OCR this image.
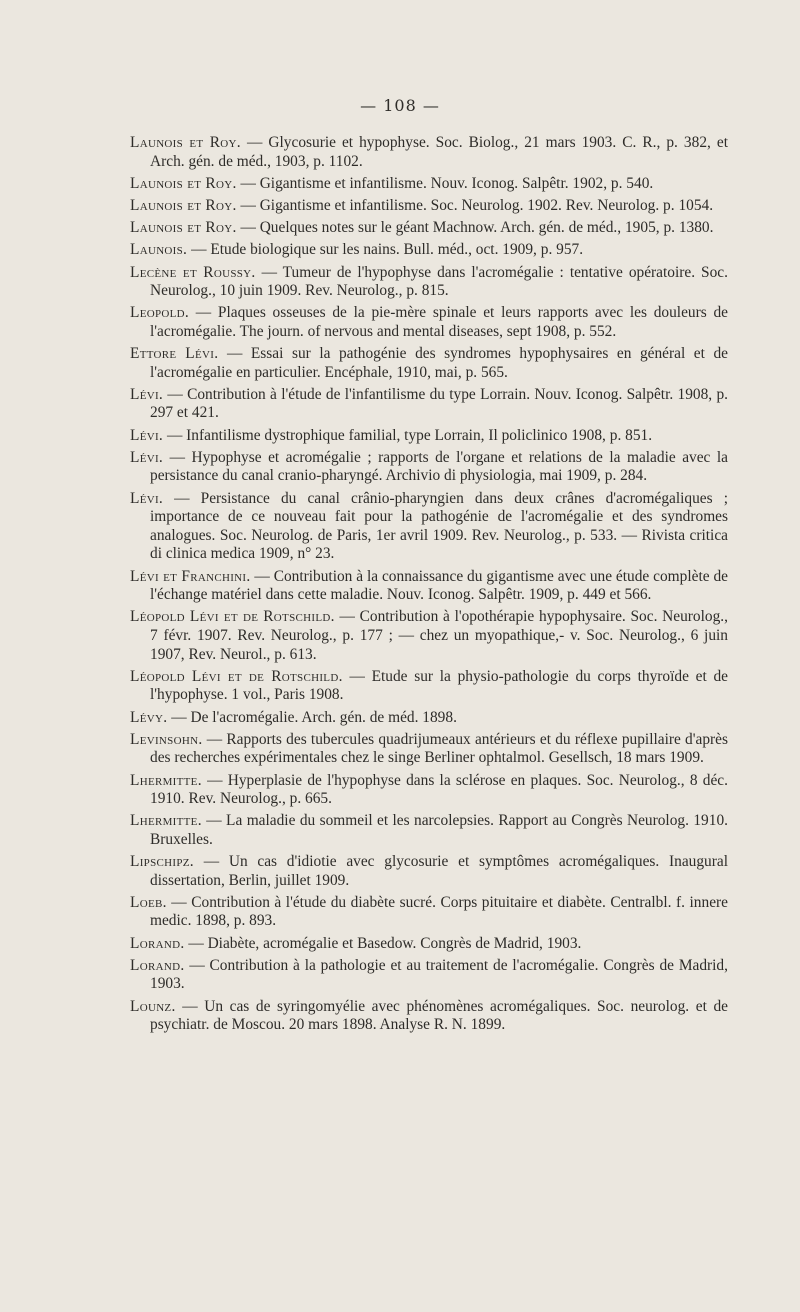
— 108 —

Launois et Roy. — Glycosurie et hypophyse. Soc. Biolog., 21 mars 1903. C. R., p. 382, et Arch. gén. de méd., 1903, p. 1102.

Launois et Roy. — Gigantisme et infantilisme. Nouv. Iconog. Salpêtr. 1902, p. 540.

Launois et Roy. — Gigantisme et infantilisme. Soc. Neurolog. 1902. Rev. Neurolog. p. 1054.

Launois et Roy. — Quelques notes sur le géant Machnow. Arch. gén. de méd., 1905, p. 1380.

Launois. — Etude biologique sur les nains. Bull. méd., oct. 1909, p. 957.

Lecène et Roussy. — Tumeur de l'hypophyse dans l'acromégalie : tentative opératoire. Soc. Neurolog., 10 juin 1909. Rev. Neurolog., p. 815.

Leopold. — Plaques osseuses de la pie-mère spinale et leurs rapports avec les douleurs de l'acromégalie. The journ. of nervous and mental diseases, sept 1908, p. 552.

Ettore Lévi. — Essai sur la pathogénie des syndromes hypophysaires en général et de l'acromégalie en particulier. Encéphale, 1910, mai, p. 565.

Lévi. — Contribution à l'étude de l'infantilisme du type Lorrain. Nouv. Iconog. Salpêtr. 1908, p. 297 et 421.

Lévi. — Infantilisme dystrophique familial, type Lorrain, Il policlinico 1908, p. 851.

Lévi. — Hypophyse et acromégalie ; rapports de l'organe et relations de la maladie avec la persistance du canal cranio-pharyngé. Archivio di physiologia, mai 1909, p. 284.

Lévi. — Persistance du canal crânio-pharyngien dans deux crânes d'acromégaliques ; importance de ce nouveau fait pour la pathogénie de l'acromégalie et des syndromes analogues. Soc. Neurolog. de Paris, 1er avril 1909. Rev. Neurolog., p. 533. — Rivista critica di clinica medica 1909, n° 23.

Lévi et Franchini. — Contribution à la connaissance du gigantisme avec une étude complète de l'échange matériel dans cette maladie. Nouv. Iconog. Salpêtr. 1909, p. 449 et 566.

Léopold Lévi et de Rotschild. — Contribution à l'opothérapie hypophysaire. Soc. Neurolog., 7 févr. 1907. Rev. Neurolog., p. 177 ; — chez un myopathique,- v. Soc. Neurolog., 6 juin 1907, Rev. Neurol., p. 613.

Léopold Lévi et de Rotschild. — Etude sur la physio-pathologie du corps thyroïde et de l'hypophyse. 1 vol., Paris 1908.

Lévy. — De l'acromégalie. Arch. gén. de méd. 1898.

Levinsohn. — Rapports des tubercules quadrijumeaux antérieurs et du réflexe pupillaire d'après des recherches expérimentales chez le singe Berliner ophtalmol. Gesellsch, 18 mars 1909.

Lhermitte. — Hyperplasie de l'hypophyse dans la sclérose en plaques. Soc. Neurolog., 8 déc. 1910. Rev. Neurolog., p. 665.

Lhermitte. — La maladie du sommeil et les narcolepsies. Rapport au Congrès Neurolog. 1910. Bruxelles.

Lipschipz. — Un cas d'idiotie avec glycosurie et symptômes acromégaliques. Inaugural dissertation, Berlin, juillet 1909.

Loeb. — Contribution à l'étude du diabète sucré. Corps pituitaire et diabète. Centralbl. f. innere medic. 1898, p. 893.

Lorand. — Diabète, acromégalie et Basedow. Congrès de Madrid, 1903.

Lorand. — Contribution à la pathologie et au traitement de l'acromégalie. Congrès de Madrid, 1903.

Lounz. — Un cas de syringomyélie avec phénomènes acromégaliques. Soc. neurolog. et de psychiatr. de Moscou. 20 mars 1898. Analyse R. N. 1899.
